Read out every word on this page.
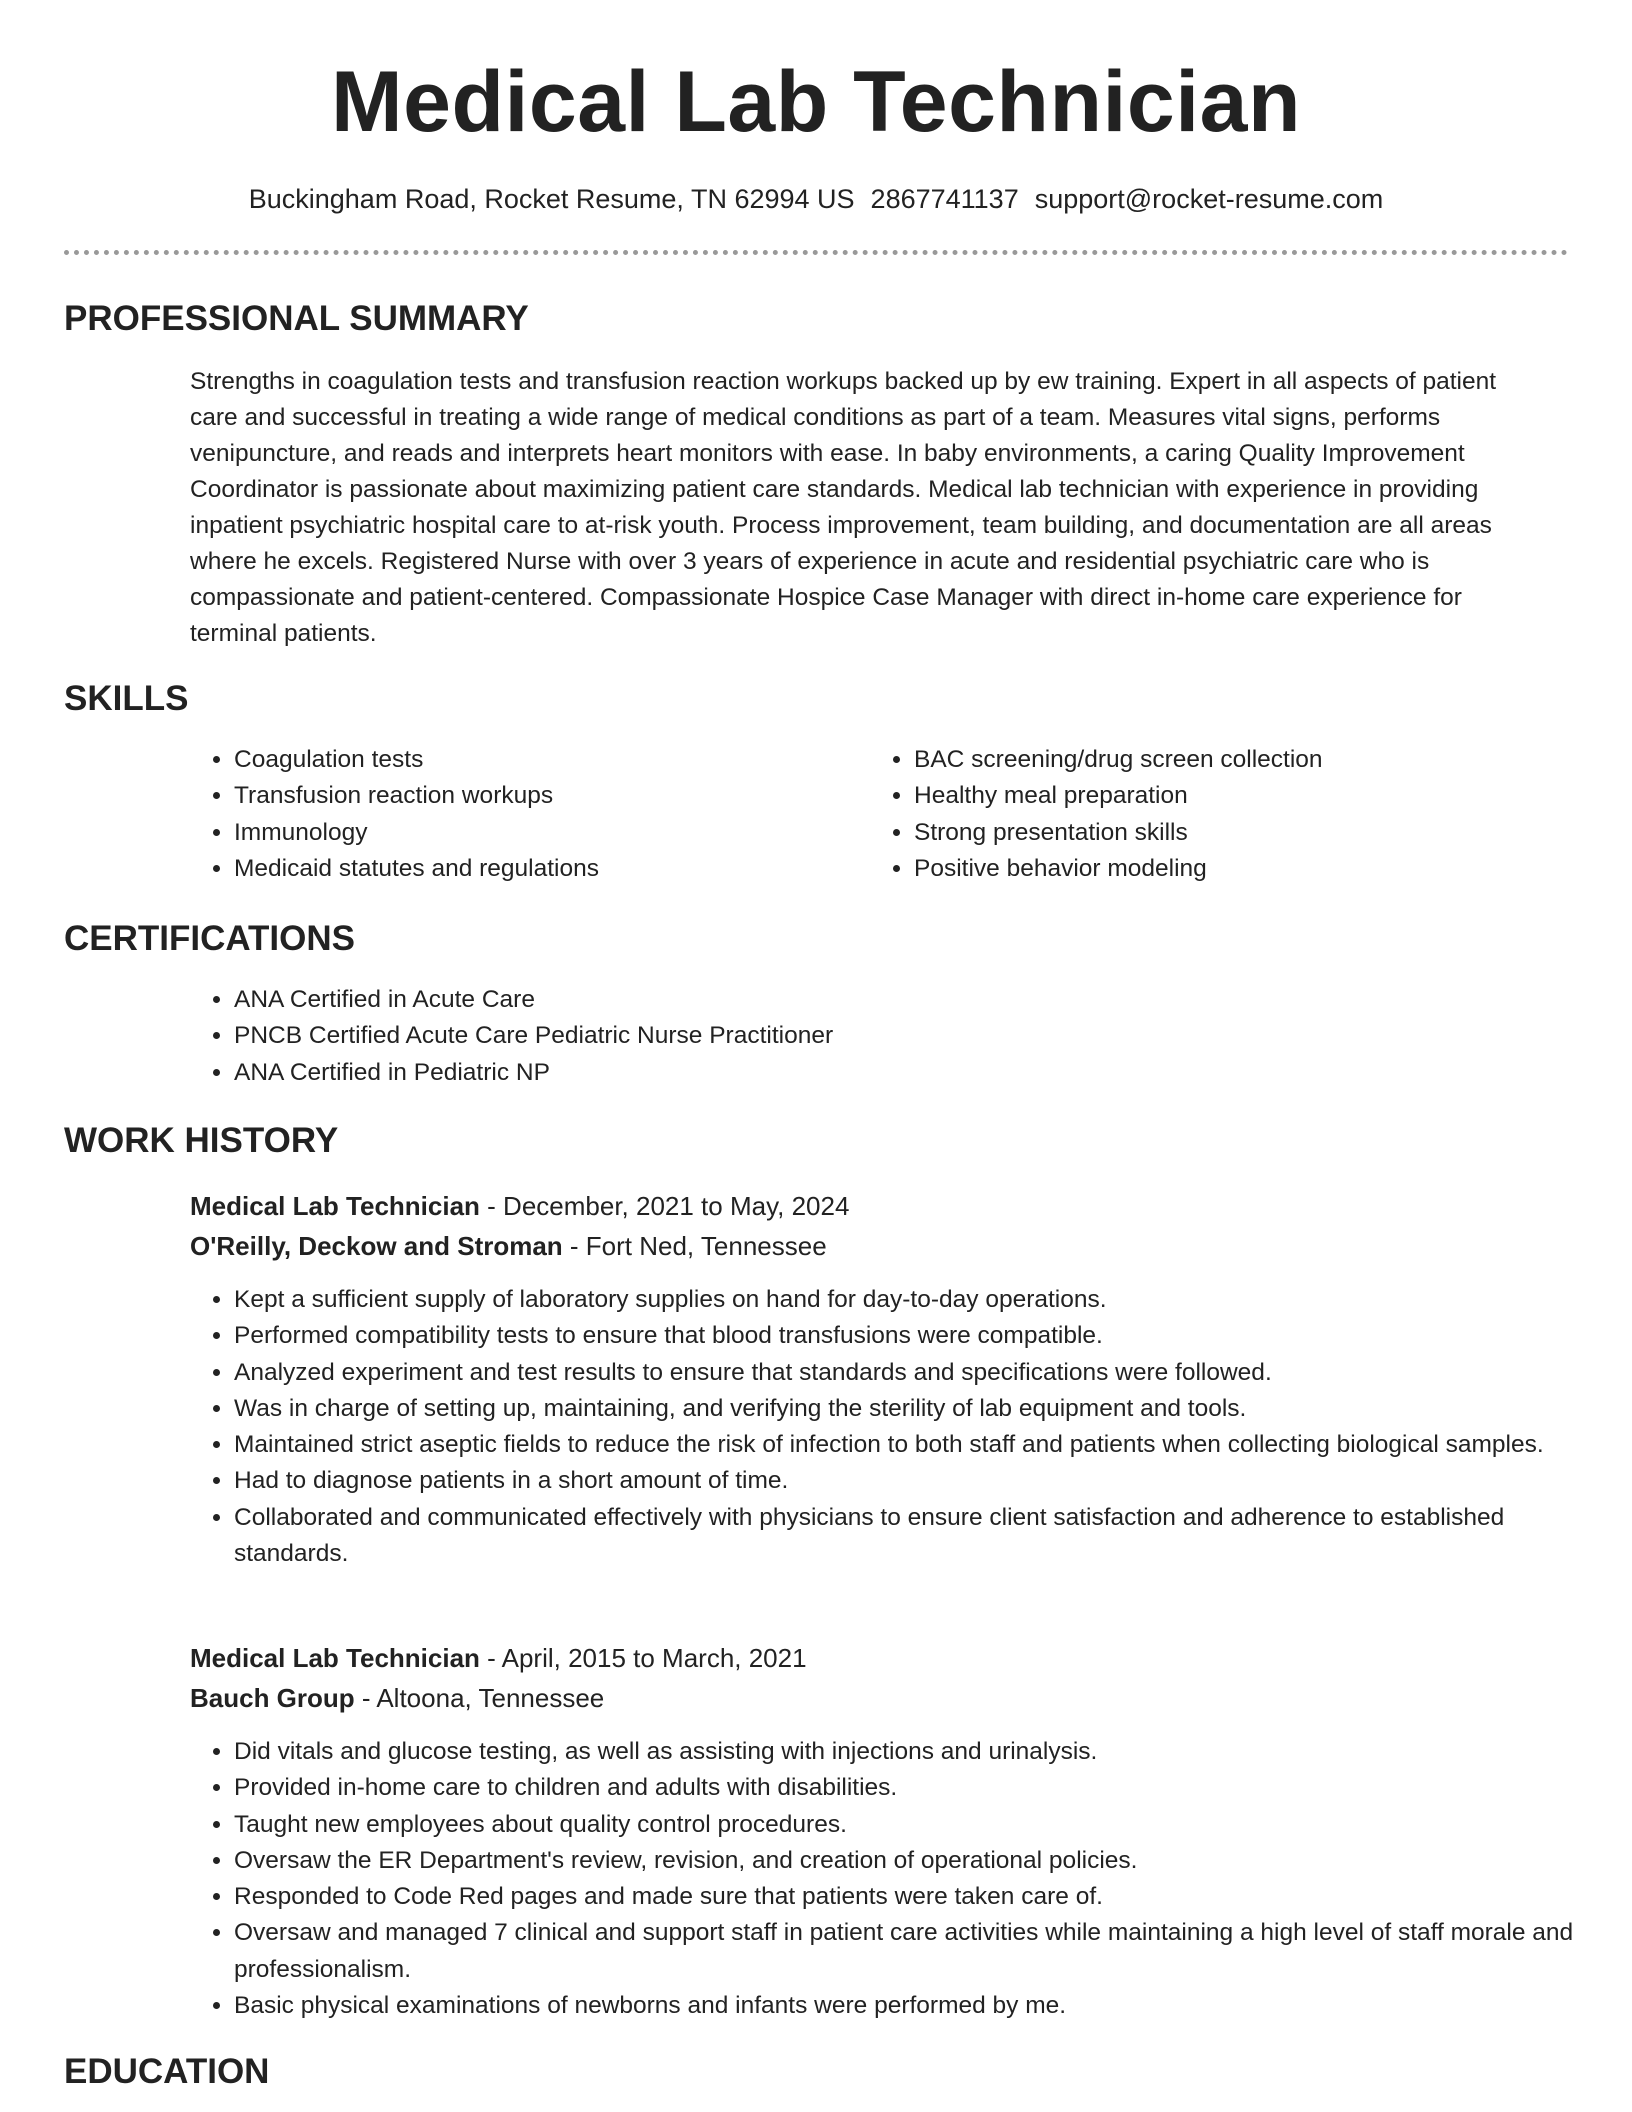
Medical Lab Technician
Buckingham Road, Rocket Resume, TN 62994 US 2867741137 support@rocket-resume.com
PROFESSIONAL SUMMARY

Strengths in coagulation tests and transfusion reaction workups backed up by ew training. Expert in all aspects of patient care and successful in treating a wide range of medical conditions as part of a team. Measures vital signs, performs venipuncture, and reads and interprets heart monitors with ease. In baby environments, a caring Quality Improvement Coordinator is passionate about maximizing patient care standards. Medical lab technician with experience in providing inpatient psychiatric hospital care to at-risk youth. Process improvement, team building, and documentation are all areas where he excels. Registered Nurse with over 3 years of experience in acute and residential psychiatric care who is compassionate and patient-centered. Compassionate Hospice Case Manager with direct in-home care experience for terminal patients.

SKILLS
• Coagulation tests
• Transfusion reaction workups
• Immunology
• Medicaid statutes and regulations
• BAC screening/drug screen collection
• Healthy meal preparation
• Strong presentation skills
• Positive behavior modeling
CERTIFICATIONS
• ANA Certified in Acute Care
• PNCB Certified Acute Care Pediatric Nurse Practitioner
• ANA Certified in Pediatric NP
WORK HISTORY
Medical Lab Technician - December, 2021 to May, 2024
O'Reilly, Deckow and Stroman - Fort Ned, Tennessee
• Kept a sufficient supply of laboratory supplies on hand for day-to-day operations.
• Performed compatibility tests to ensure that blood transfusions were compatible.
• Analyzed experiment and test results to ensure that standards and specifications were followed.
• Was in charge of setting up, maintaining, and verifying the sterility of lab equipment and tools.
• Maintained strict aseptic fields to reduce the risk of infection to both staff and patients when collecting biological samples.
• Had to diagnose patients in a short amount of time.
• Collaborated and communicated effectively with physicians to ensure client satisfaction and adherence to established standards.
Medical Lab Technician - April, 2015 to March, 2021
Bauch Group - Altoona, Tennessee
• Did vitals and glucose testing, as well as assisting with injections and urinalysis.
• Provided in-home care to children and adults with disabilities.
• Taught new employees about quality control procedures.
• Oversaw the ER Department's review, revision, and creation of operational policies.
• Responded to Code Red pages and made sure that patients were taken care of.
• Oversaw and managed 7 clinical and support staff in patient care activities while maintaining a high level of staff morale and professionalism.
• Basic physical examinations of newborns and infants were performed by me.
EDUCATION
